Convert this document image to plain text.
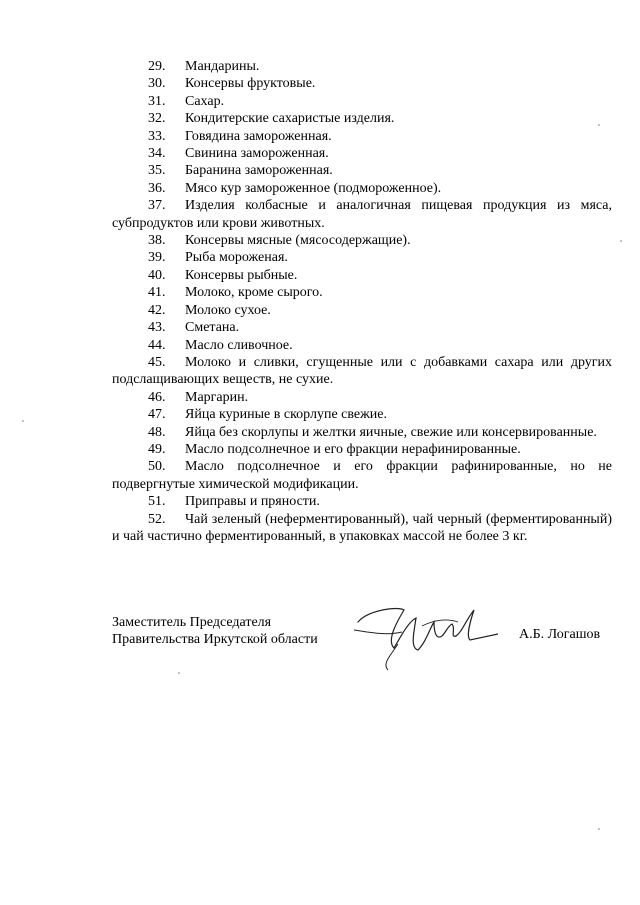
29. Мандарины.
30. Консервы фруктовые.
31. Сахар.
32. Кондитерские сахаристые изделия.
33. Говядина замороженная.
34. Свинина замороженная.
35. Баранина замороженная.
36. Мясо кур замороженное (подмороженное).
37. Изделия колбасные и аналогичная пищевая продукция из мяса, субпродуктов или крови животных.
38. Консервы мясные (мясосодержащие).
39. Рыба мороженая.
40. Консервы рыбные.
41. Молоко, кроме сырого.
42. Молоко сухое.
43. Сметана.
44. Масло сливочное.
45. Молоко и сливки, сгущенные или с добавками сахара или других подслащивающих веществ, не сухие.
46. Маргарин.
47. Яйца куриные в скорлупе свежие.
48. Яйца без скорлупы и желтки яичные, свежие или консервированные.
49. Масло подсолнечное и его фракции нерафинированные.
50. Масло подсолнечное и его фракции рафинированные, но не подвергнутые химической модификации.
51. Приправы и пряности.
52. Чай зеленый (неферментированный), чай черный (ферментированный) и чай частично ферментированный, в упаковках массой не более 3 кг.
Заместитель Председателя
Правительства Иркутской области	А.Б. Логашов
